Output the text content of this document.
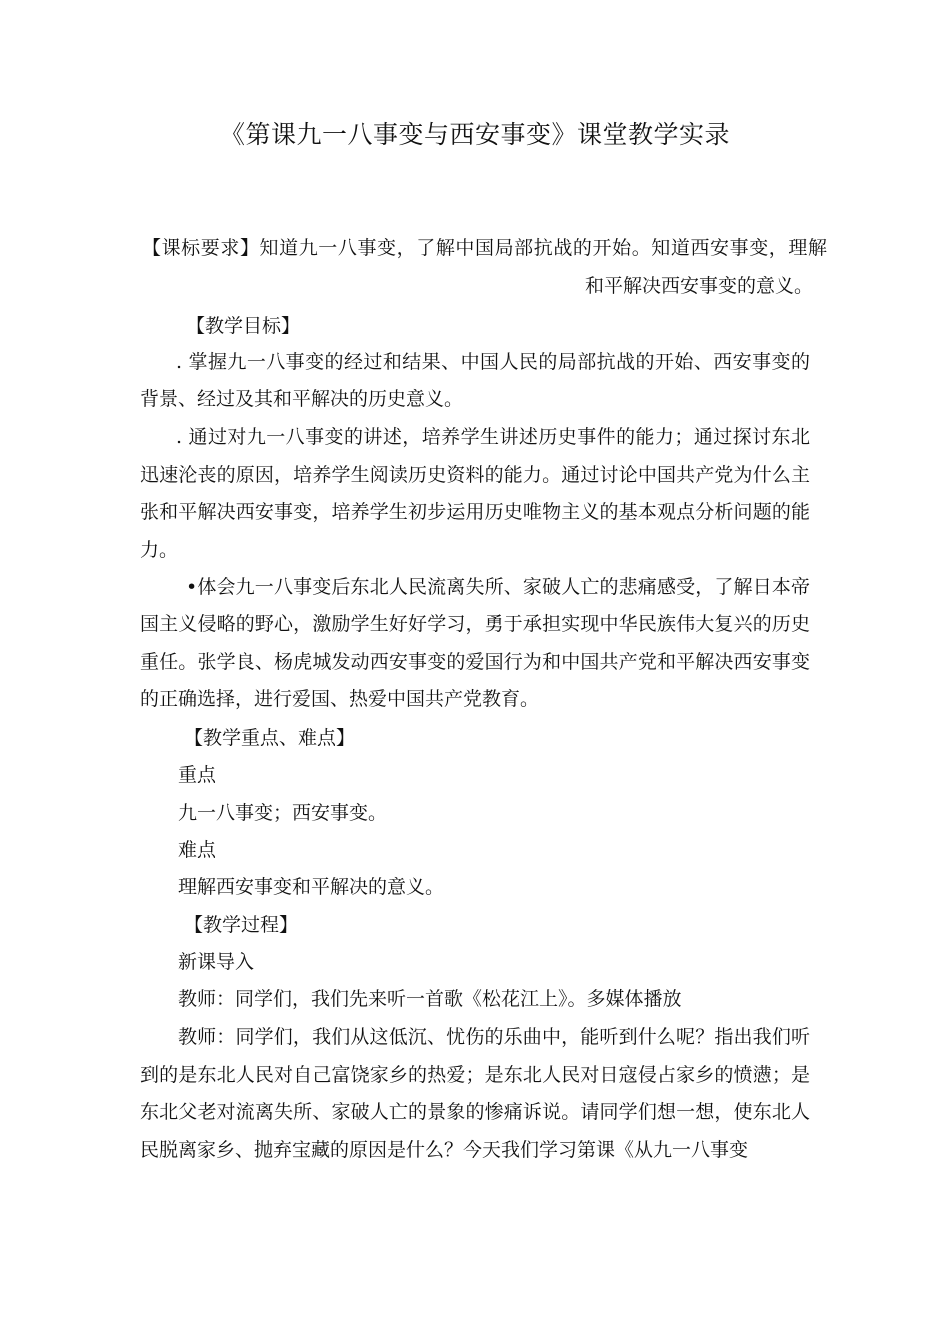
《第课九一八事变与西安事变》课堂教学实录
【课标要求】知道九一八事变，了解中国局部抗战的开始。知道西安事变，理解
和平解决西安事变的意义。
【教学目标】
. 掌握九一八事变的经过和结果、中国人民的局部抗战的开始、西安事变的
背景、经过及其和平解决的历史意义。
. 通过对九一八事变的讲述，培养学生讲述历史事件的能力；通过探讨东北
迅速沦丧的原因，培养学生阅读历史资料的能力。通过讨论中国共产党为什么主
张和平解决西安事变，培养学生初步运用历史唯物主义的基本观点分析问题的能
力。
•体会九一八事变后东北人民流离失所、家破人亡的悲痛感受，了解日本帝
国主义侵略的野心，激励学生好好学习，勇于承担实现中华民族伟大复兴的历史
重任。张学良、杨虎城发动西安事变的爱国行为和中国共产党和平解决西安事变
的正确选择，进行爱国、热爱中国共产党教育。
【教学重点、难点】
重点
九一八事变；西安事变。
难点
理解西安事变和平解决的意义。
【教学过程】
新课导入
教师：同学们，我们先来听一首歌《松花江上》。多媒体播放
教师：同学们，我们从这低沉、忧伤的乐曲中，能听到什么呢？指出我们听
到的是东北人民对自己富饶家乡的热爱；是东北人民对日寇侵占家乡的愤懑；是
东北父老对流离失所、家破人亡的景象的惨痛诉说。请同学们想一想，使东北人
民脱离家乡、抛弃宝藏的原因是什么？今天我们学习第课《从九一八事变
